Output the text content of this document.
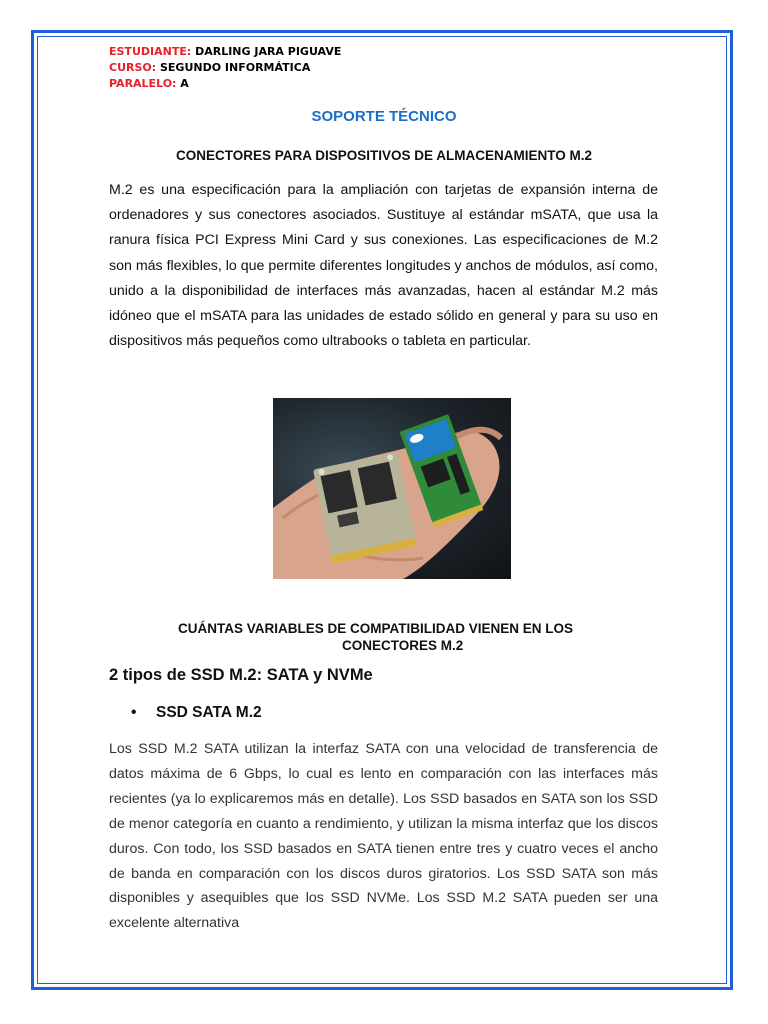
ESTUDIANTE: DARLING JARA PIGUAVE
CURSO: SEGUNDO INFORMÁTICA
PARALELO: A
SOPORTE TÉCNICO
CONECTORES PARA DISPOSITIVOS DE ALMACENAMIENTO M.2
M.2 es una especificación para la ampliación con tarjetas de expansión interna de ordenadores y sus conectores asociados. Sustituye al estándar mSATA, que usa la ranura física PCI Express Mini Card y sus conexiones. Las especificaciones de M.2 son más flexibles, lo que permite diferentes longitudes y anchos de módulos, así como, unido a la disponibilidad de interfaces más avanzadas, hacen al estándar M.2 más idóneo que el mSATA para las unidades de estado sólido en general y para su uso en dispositivos más pequeños como ultrabooks o tableta en particular.
CUÁNTAS VARIABLES DE COMPATIBILIDAD VIENEN EN LOS
CONECTORES M.2
2 tipos de SSD M.2: SATA y NVMe
• SSD SATA M.2
Los SSD M.2 SATA utilizan la interfaz SATA con una velocidad de transferencia de datos máxima de 6 Gbps, lo cual es lento en comparación con las interfaces más recientes (ya lo explicaremos más en detalle). Los SSD basados en SATA son los SSD de menor categoría en cuanto a rendimiento, y utilizan la misma interfaz que los discos duros. Con todo, los SSD basados en SATA tienen entre tres y cuatro veces el ancho de banda en comparación con los discos duros giratorios. Los SSD SATA son más disponibles y asequibles que los SSD NVMe. Los SSD M.2 SATA pueden ser una excelente alternativa
